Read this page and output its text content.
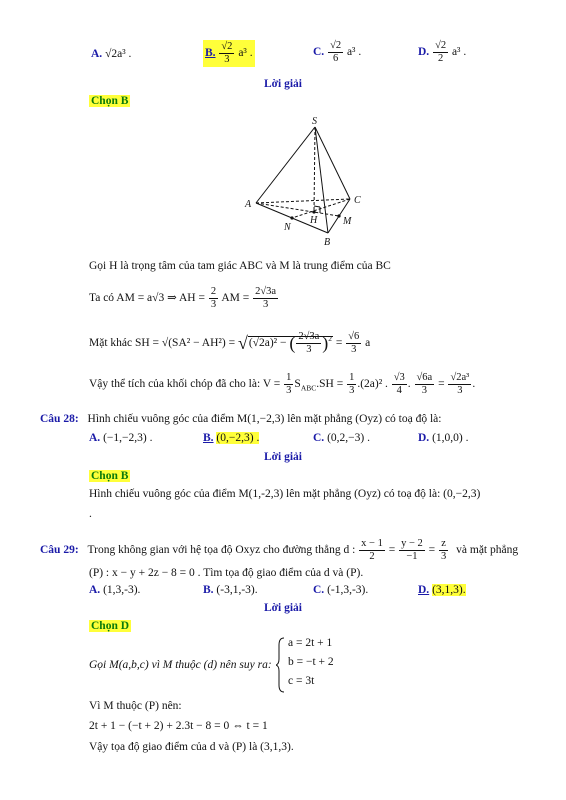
A. √2a³ .	B. $\frac{√2}{3} a^3$ .	C. $\frac{√2}{6} a^3$ .	D. $\frac{√2}{2} a^3$ .
Lời giải
Chọn B
S
A	C
B
H	M
N
Gọi H là trọng tâm của tam giác ABC và M là trung điểm của BC
Ta có AM = a√3 ⇒ AH = $\frac{2}{3}$ AM = $\frac{2√3a}{3}$
Mặt khác SH = √(SA² − AH²) = √(√2a)² − ( $\frac{2√3a}{3} )^2 = \frac{√6}{3}$ a
Vậy thể tích của khối chóp đã cho là: $V = \frac{1}{3} S_{ABC}.SH = \frac{1}{3} .(2a)^2$ . $\frac{√3}{4}$ . $\frac{√6a}{3} = \frac{\text{√2a³}}{3}$ .
Câu 28: Hình chiếu vuông góc của điểm M(1,−2,3) lên mặt phẳng (Oyz) có toạ độ là:
A. (−1,−2,3) .	B. (0,−2,3) .	C. (0,2,−3) .	D. (1,0,0) .
Lời giải
Chọn B
Hình chiếu vuông góc của điểm M(1,-2,3) lên mặt phẳng (Oyz) có toạ độ là: (0,−2,3)
.
Câu 29: Trong không gian với hệ tọa độ Oxyz cho đường thẳng d : $\frac{x - 1}{2} = \frac{y - 2}{-1} = \frac{z}{3}$ và mặt phẳng
(P) : x − y + 2z − 8 = 0 . Tìm tọa độ giao điểm của d và (P).
A. (1,3,-3).	B. (-3,1,-3).	C. (-1,3,-3).	D. (3,1,3).
Lời giải
Chọn D
Gọi M(a,b,c) vì M thuộc (d) nên suy ra:
a = 2t + 1
b = −t + 2
c = 3t
Vì M thuộc (P) nên:
2t + 1 − (−t + 2) + 2.3t − 8 = 0 ⇔ t = 1
Vậy tọa độ giao điểm của d và (P) là (3,1,3).
